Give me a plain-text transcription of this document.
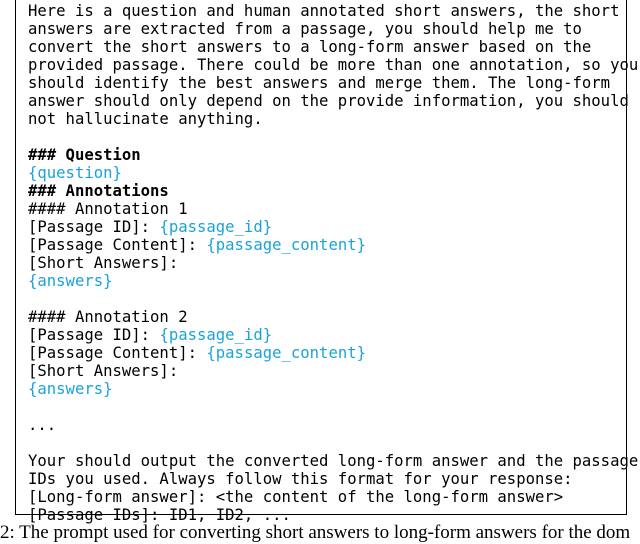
Here is a question and human annotated short answers, the short
answers are extracted from a passage, you should help me to
convert the short answers to a long-form answer based on the
provided passage. There could be more than one annotation, so you
should identify the best answers and merge them. The long-form
answer should only depend on the provide information, you should
not hallucinate anything.
### Question
{question}
### Annotations
#### Annotation 1
[Passage ID]: {passage_id}
[Passage Content]: {passage_content}
[Short Answers]:
{answers}
#### Annotation 2
[Passage ID]: {passage_id}
[Passage Content]: {passage_content}
[Short Answers]:
{answers}
...
Your should output the converted long-form answer and the passage
IDs you used. Always follow this format for your response:
[Long-form answer]: <the content of the long-form answer>
[Passage IDs]: ID1, ID2, ...
2: The prompt used for converting short answers to long-form answers for the dom
